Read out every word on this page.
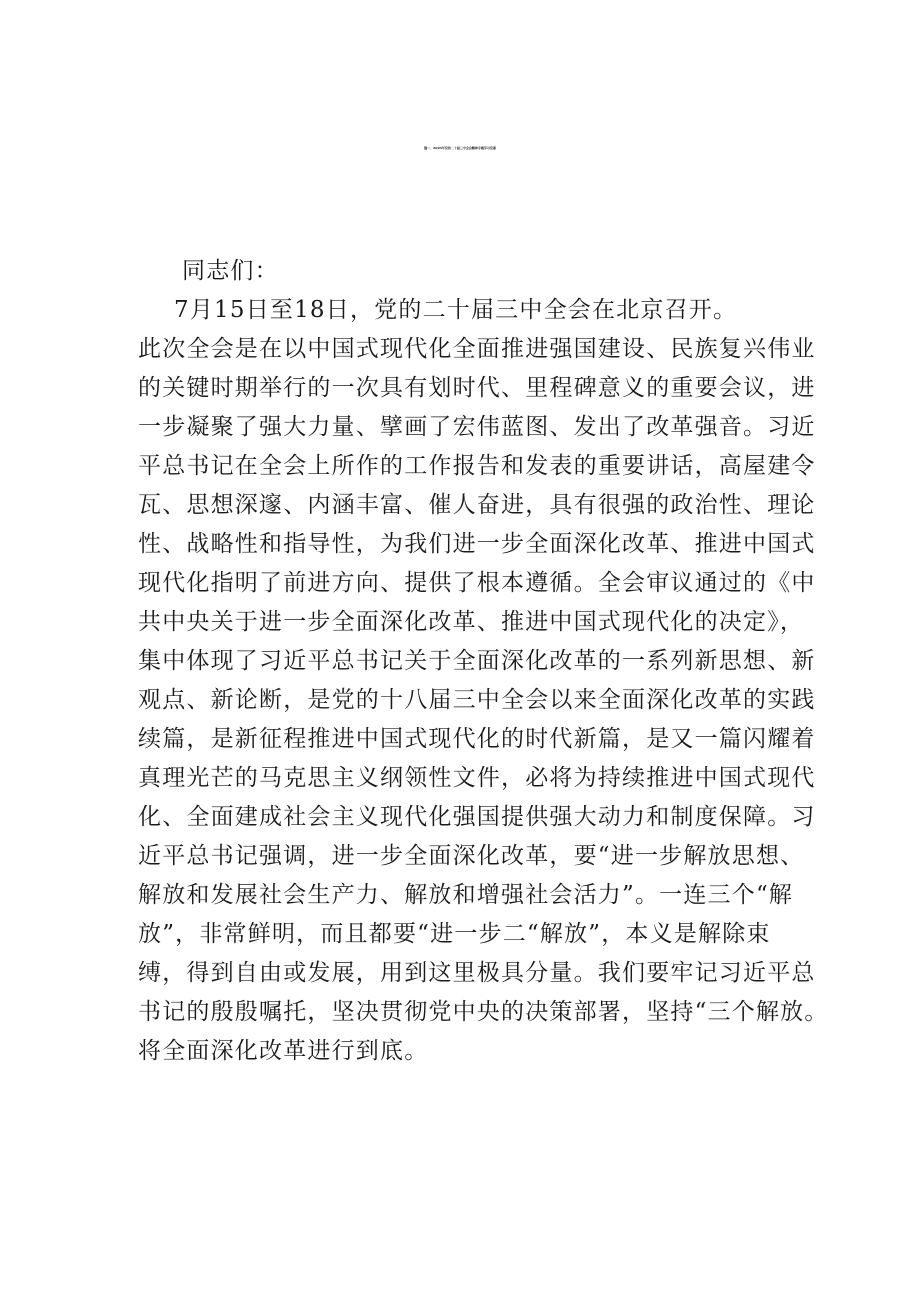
篇一、2Q24年党的二十届三中全会精神专题学习党课
同志们：
7月15日至18日，党的二十届三中全会在北京召开。
此次全会是在以中国式现代化全面推进强国建设、民族复兴伟业
的关键时期举行的一次具有划时代、里程碑意义的重要会议，进
一步凝聚了强大力量、擘画了宏伟蓝图、发出了改革强音。习近
平总书记在全会上所作的工作报告和发表的重要讲话，高屋建令
瓦、思想深邃、内涵丰富、催人奋进，具有很强的政治性、理论
性、战略性和指导性，为我们进一步全面深化改革、推进中国式
现代化指明了前进方向、提供了根本遵循。全会审议通过的《中
共中央关于进一步全面深化改革、推进中国式现代化的决定》，
集中体现了习近平总书记关于全面深化改革的一系列新思想、新
观点、新论断，是党的十八届三中全会以来全面深化改革的实践
续篇，是新征程推进中国式现代化的时代新篇，是又一篇闪耀着
真理光芒的马克思主义纲领性文件，必将为持续推进中国式现代
化、全面建成社会主义现代化强国提供强大动力和制度保障。习
近平总书记强调，进一步全面深化改革，要“进一步解放思想、
解放和发展社会生产力、解放和增强社会活力”。一连三个“解
放”，非常鲜明，而且都要“进一步二“解放”，本义是解除束
缚，得到自由或发展，用到这里极具分量。我们要牢记习近平总
书记的殷殷嘱托，坚决贯彻党中央的决策部署，坚持“三个解放。
将全面深化改革进行到底。
